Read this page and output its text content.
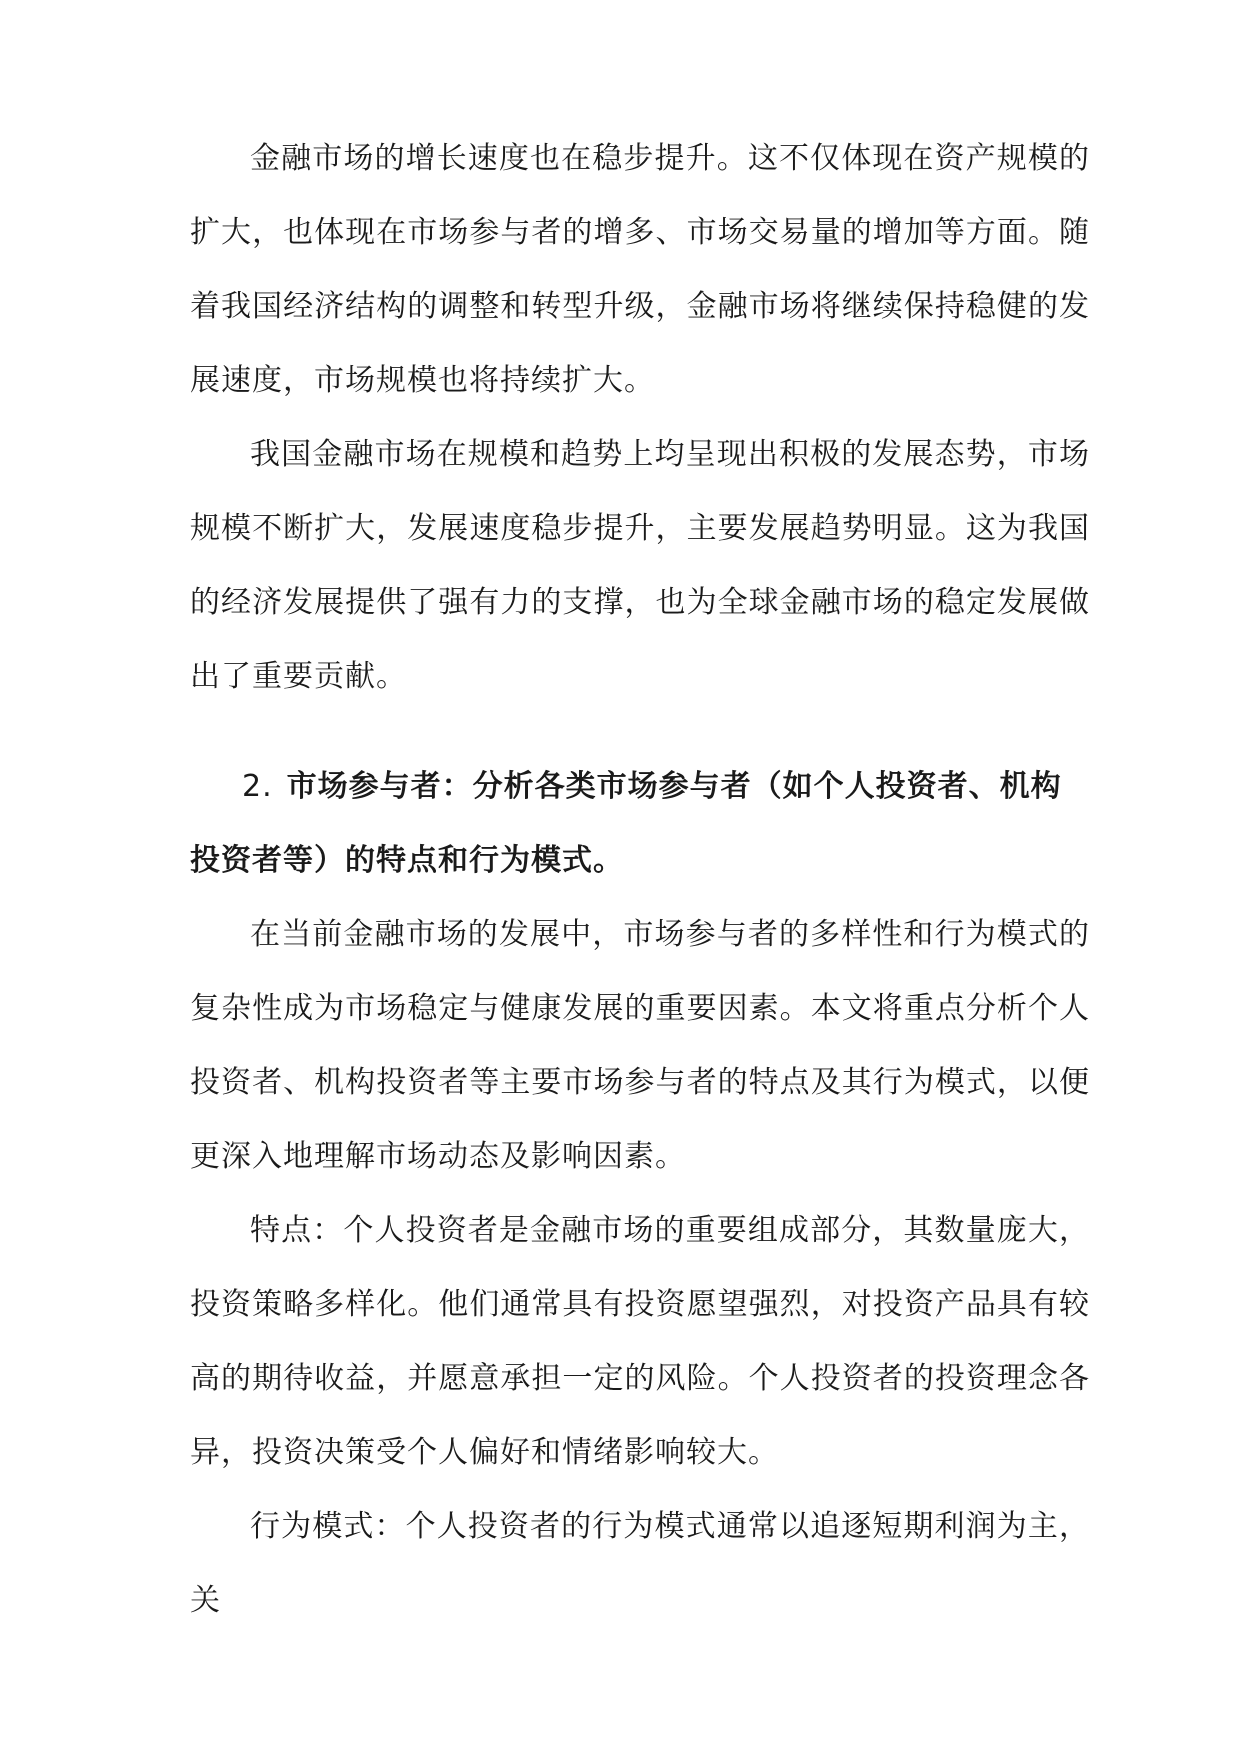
金融市场的增长速度也在稳步提升。这不仅体现在资产规模的扩大，也体现在市场参与者的增多、市场交易量的增加等方面。随着我国经济结构的调整和转型升级，金融市场将继续保持稳健的发展速度，市场规模也将持续扩大。

我国金融市场在规模和趋势上均呈现出积极的发展态势，市场规模不断扩大，发展速度稳步提升，主要发展趋势明显。这为我国的经济发展提供了强有力的支撑，也为全球金融市场的稳定发展做出了重要贡献。

2. 市场参与者：分析各类市场参与者（如个人投资者、机构投资者等）的特点和行为模式。

在当前金融市场的发展中，市场参与者的多样性和行为模式的复杂性成为市场稳定与健康发展的重要因素。本文将重点分析个人投资者、机构投资者等主要市场参与者的特点及其行为模式，以便更深入地理解市场动态及影响因素。

特点：个人投资者是金融市场的重要组成部分，其数量庞大，投资策略多样化。他们通常具有投资愿望强烈，对投资产品具有较高的期待收益，并愿意承担一定的风险。个人投资者的投资理念各异，投资决策受个人偏好和情绪影响较大。

行为模式：个人投资者的行为模式通常以追逐短期利润为主，关
